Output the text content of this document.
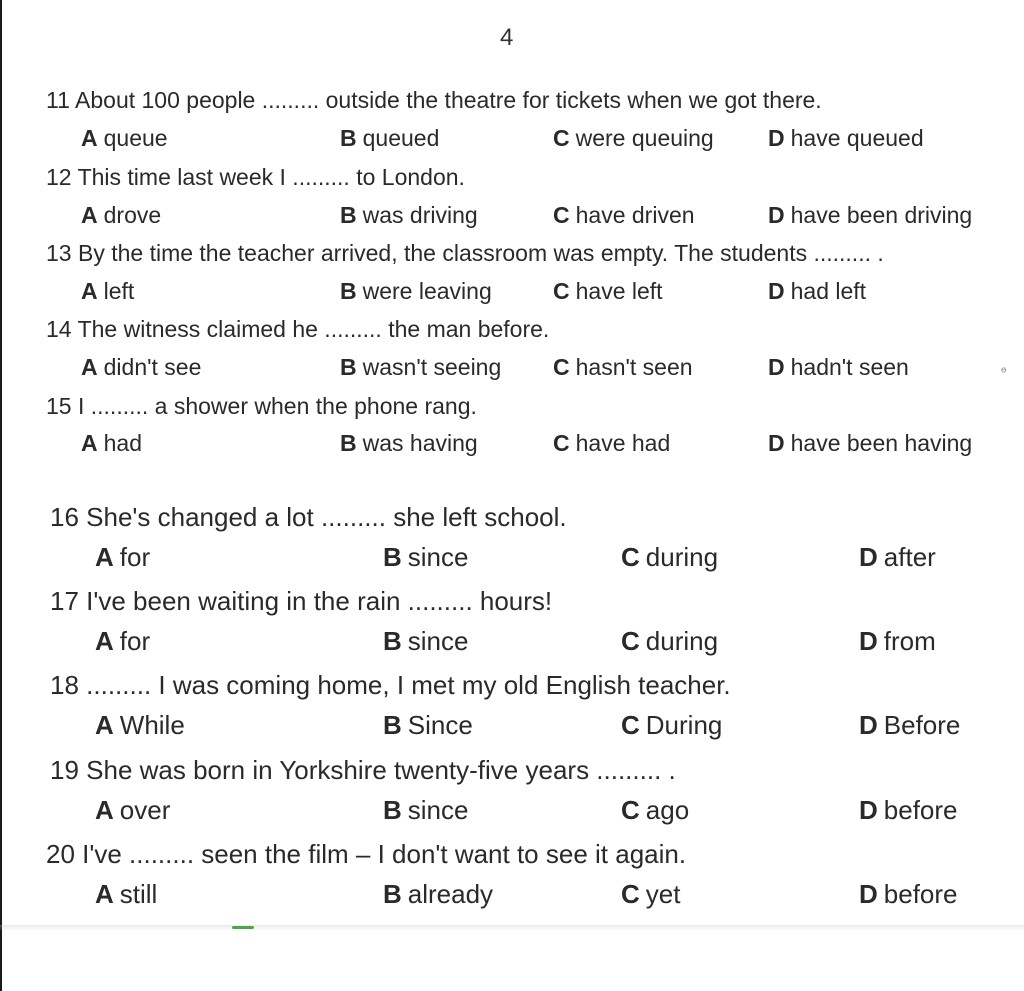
4
11 About 100 people ......... outside the theatre for tickets when we got there.
A queue	B queued	C were queuing D have queued
12 This time last week I ......... to London.
A drove	B was driving	C have driven	D have been driving
13 By the time the teacher arrived, the classroom was empty. The students ......... .
A left	B were leaving	C have left	D had left
14 The witness claimed he ......... the man before.
A didn't see	B wasn't seeing C hasn't seen	D hadn't seen	ᶱ
15 I ......... a shower when the phone rang.
A had	B was having	C have had	D have been having
16 She's changed a lot ......... she left school.
A for	B since	C during	D after
17 I've been waiting in the rain ......... hours!
A for	B since	C during	D from
18 ......... I was coming home, I met my old English teacher.
A While	B Since	C During	D Before
19 She was born in Yorkshire twenty-five years ......... .
A over	B since	C ago	D before
20 I've ......... seen the film – I don't want to see it again.
A still	B already	C yet	D before
